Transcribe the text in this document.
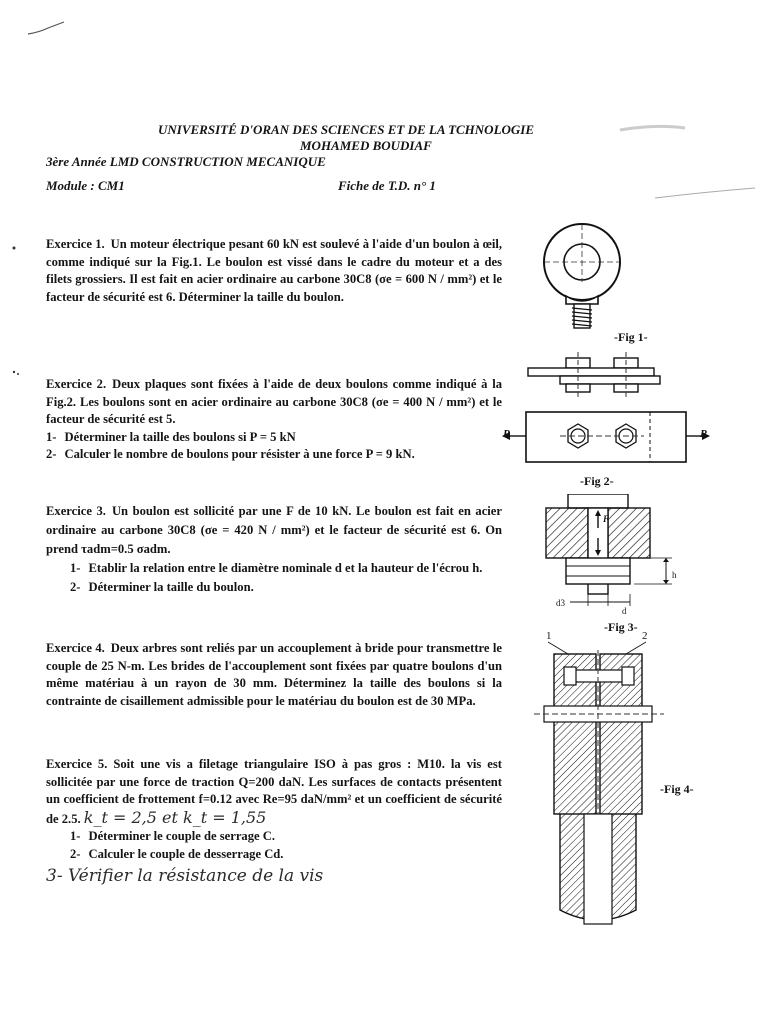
UNIVERSITÉ D'ORAN DES SCIENCES ET DE LA TCHNOLOGIE
MOHAMED BOUDIAF
3ère Année LMD CONSTRUCTION MECANIQUE
Module : CM1	Fiche de T.D. n° 1

Exercice 1. Un moteur électrique pesant 60 kN est soulevé à l'aide d'un boulon à œil, comme indiqué sur la Fig.1. Le boulon est vissé dans le cadre du moteur et a des filets grossiers. Il est fait en acier ordinaire au carbone 30C8 (σe = 600 N / mm²) et le facteur de sécurité est 6. Déterminer la taille du boulon.

Exercice 2. Deux plaques sont fixées à l'aide de deux boulons comme indiqué à la Fig.2. Les boulons sont en acier ordinaire au carbone 30C8 (σe = 400 N / mm²) et le facteur de sécurité est 5.

1- Déterminer la taille des boulons si P = 5 kN
2- Calculer le nombre de boulons pour résister à une force P = 9 kN.

Exercice 3. Un boulon est sollicité par une F de 10 kN. Le boulon est fait en acier ordinaire au carbone 30C8 (σe = 420 N / mm²) et le facteur de sécurité est 6. On prend τadm=0.5 σadm.

1- Etablir la relation entre le diamètre nominale d et la hauteur de l'écrou h.
2- Déterminer la taille du boulon.

Exercice 4. Deux arbres sont reliés par un accouplement à bride pour transmettre le couple de 25 N-m. Les brides de l'accouplement sont fixées par quatre boulons d'un même matériau à un rayon de 30 mm. Déterminez la taille des boulons si la contrainte de cisaillement admissible pour le matériau du boulon est de 30 MPa.

Exercice 5. Soit une vis a filetage triangulaire ISO à pas gros : M10. la vis est sollicitée par une force de traction Q=200 daN. Les surfaces de contacts présentent un coefficient de frottement f=0.12 avec Re=95 daN/mm² et un coefficient de sécurité de 2.5. k_t = 2,5 et k_t = 1,55

1- Déterminer le couple de serrage C.
2- Calculer le couple de desserrage Cd.
3- Vérifier la résistance de la vis
-Fig 1-
P	P
-Fig 2-
F
h
d3
d
-Fig 3-
1	2
-Fig 4-
